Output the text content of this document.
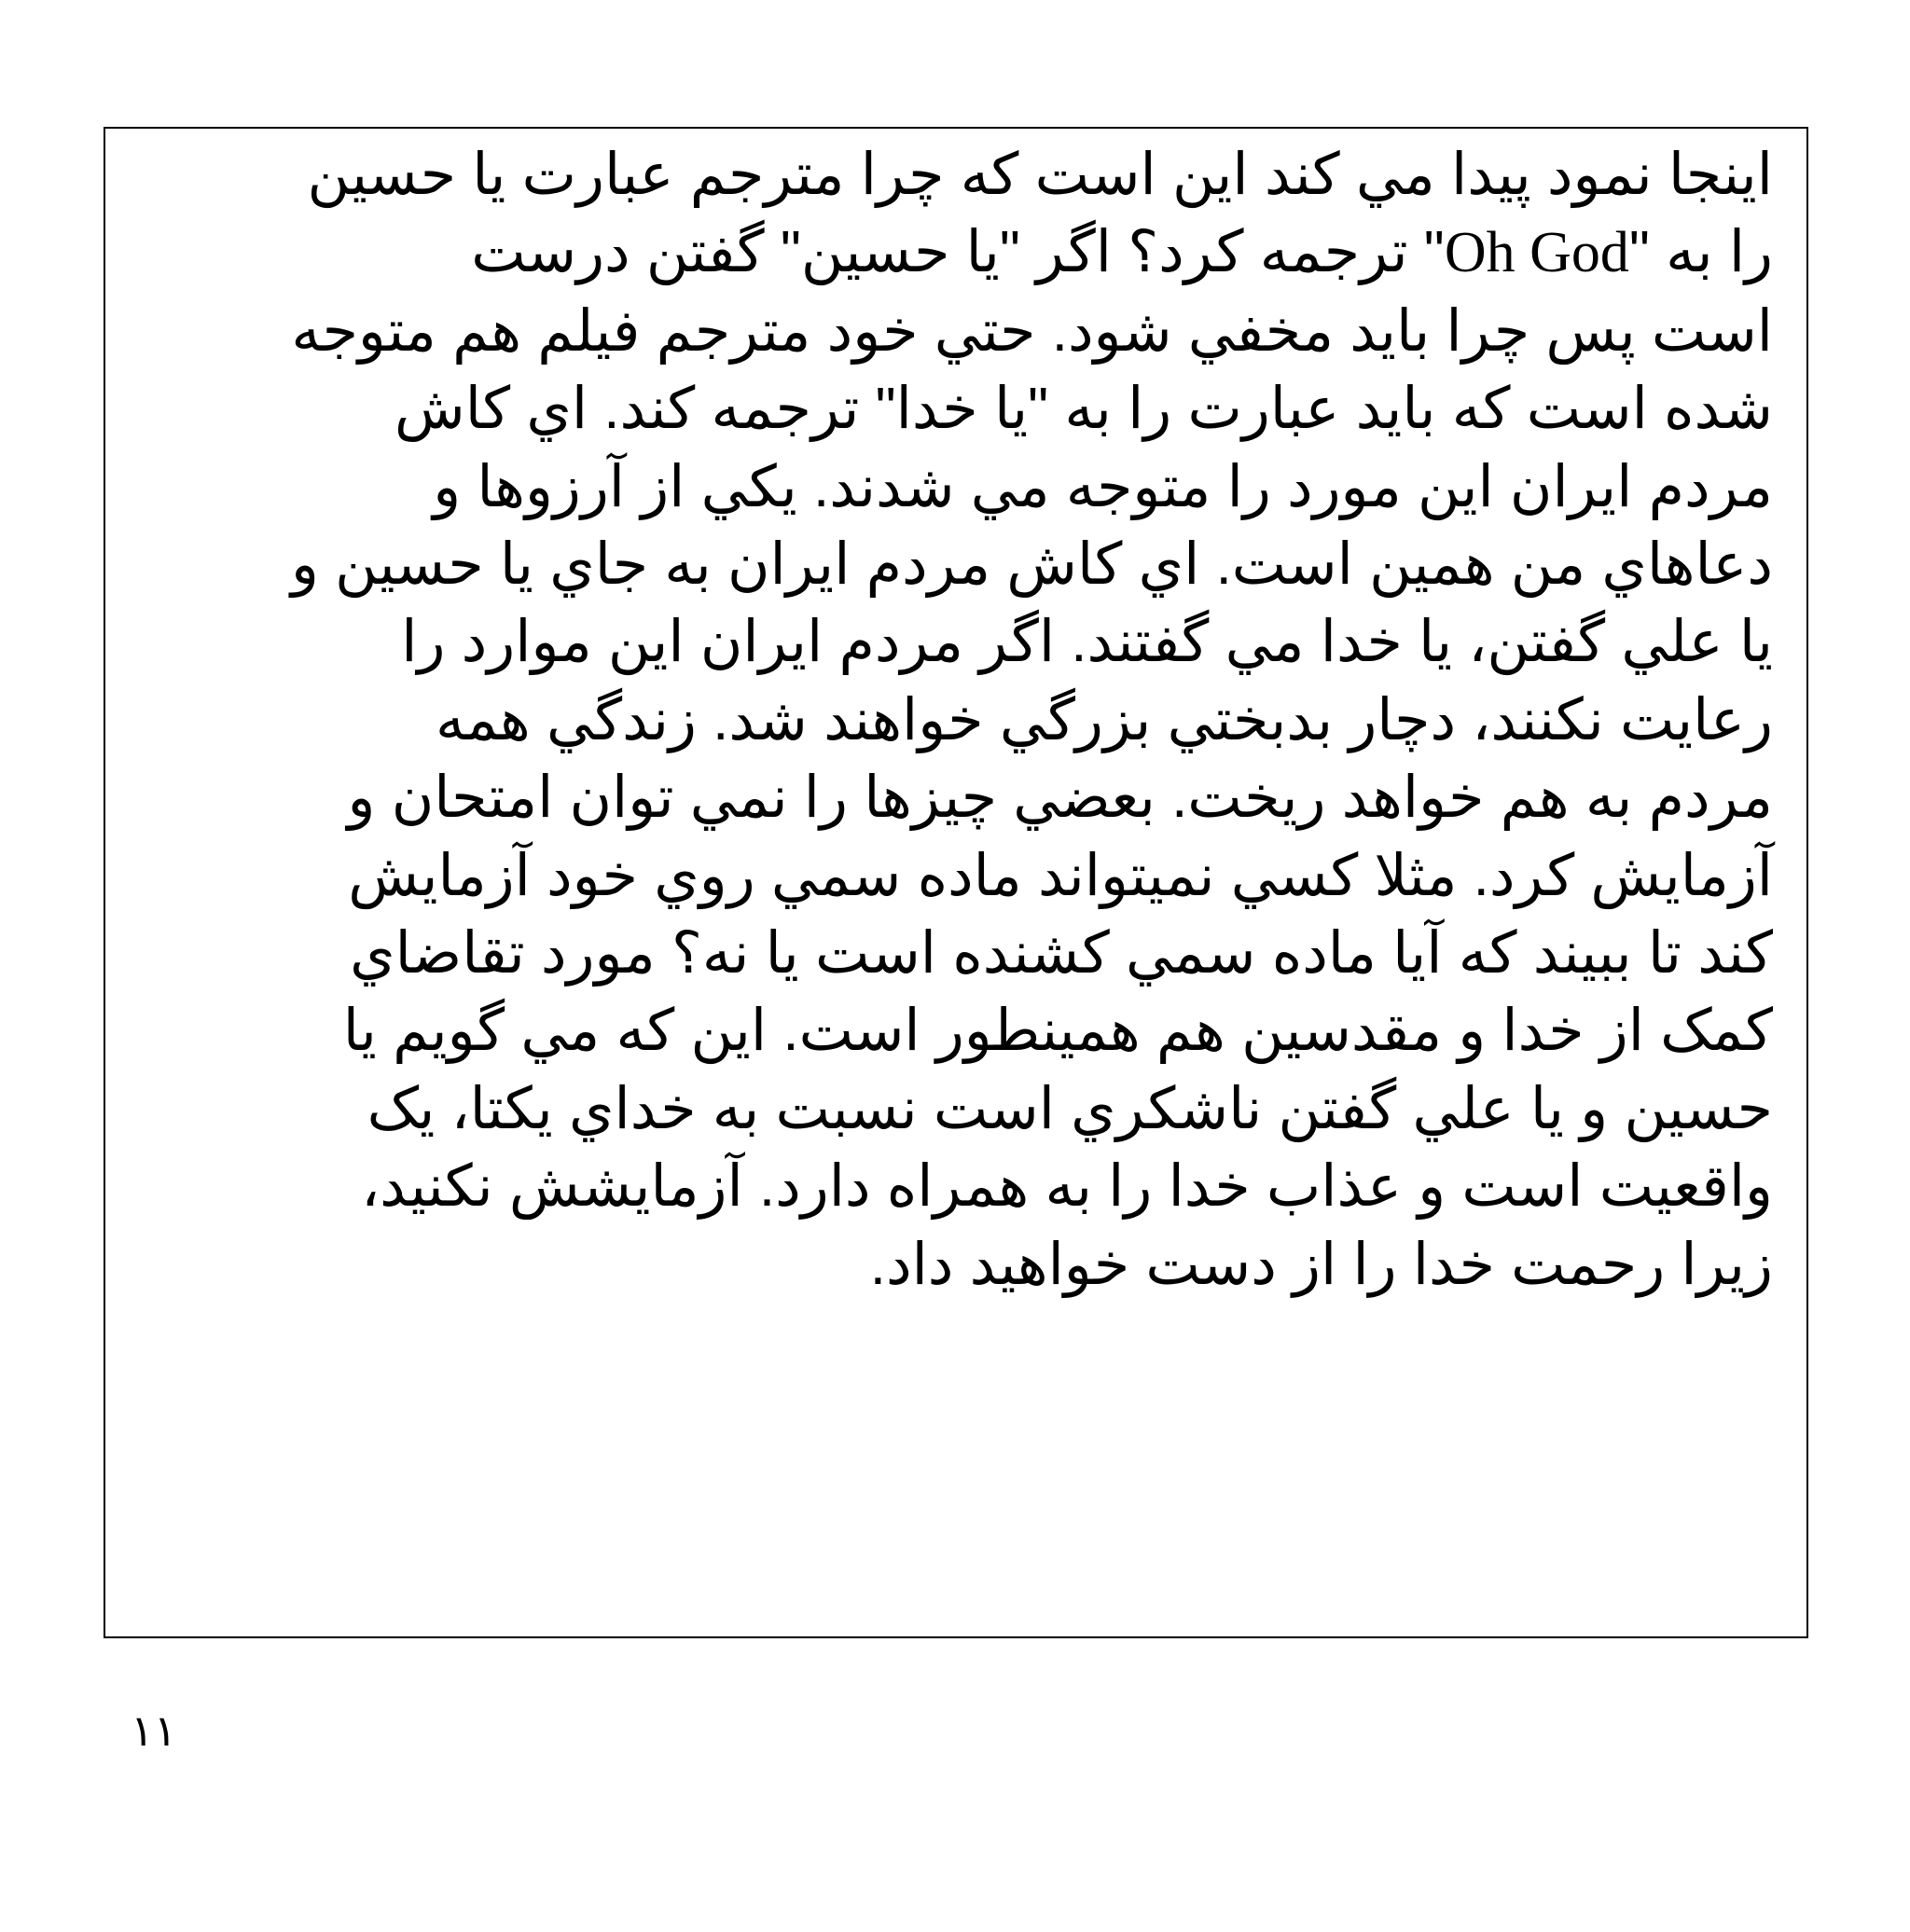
اينجا نمود پيدا مي كند اين است كه چرا مترجم عبارت يا حسين
را به "Oh God" ترجمه كرد؟ اگر "يا حسين" گفتن درست
است پس چرا بايد مخفي شود. حتي خود مترجم فيلم هم متوجه
شده است كه بايد عبارت را به "يا خدا" ترجمه كند. اي كاش
مردم ايران اين مورد را متوجه مي شدند. يكي از آرزوها و
دعاهاي من همين است. اي كاش مردم ايران به جاي يا حسين و
يا علي گفتن، يا خدا مي گفتند. اگر مردم ايران اين موارد را
رعايت نكنند، دچار بدبختي بزرگي خواهند شد. زندگي همه
مردم به هم خواهد ريخت. بعضي چيزها را نمي توان امتحان و
آزمايش كرد. مثلا كسي نميتواند ماده سمي روي خود آزمايش
كند تا ببيند كه آيا ماده سمي كشنده است يا نه؟ مورد تقاضاي
كمک از خدا و مقدسين هم همينطور است. اين كه مي گويم يا
حسين و يا علي گفتن ناشكري است نسبت به خداي يكتا، يک
واقعيت است و عذاب خدا را به همراه دارد. آزمايشش نكنيد،
زيرا رحمت خدا را از دست خواهيد داد.
١١
